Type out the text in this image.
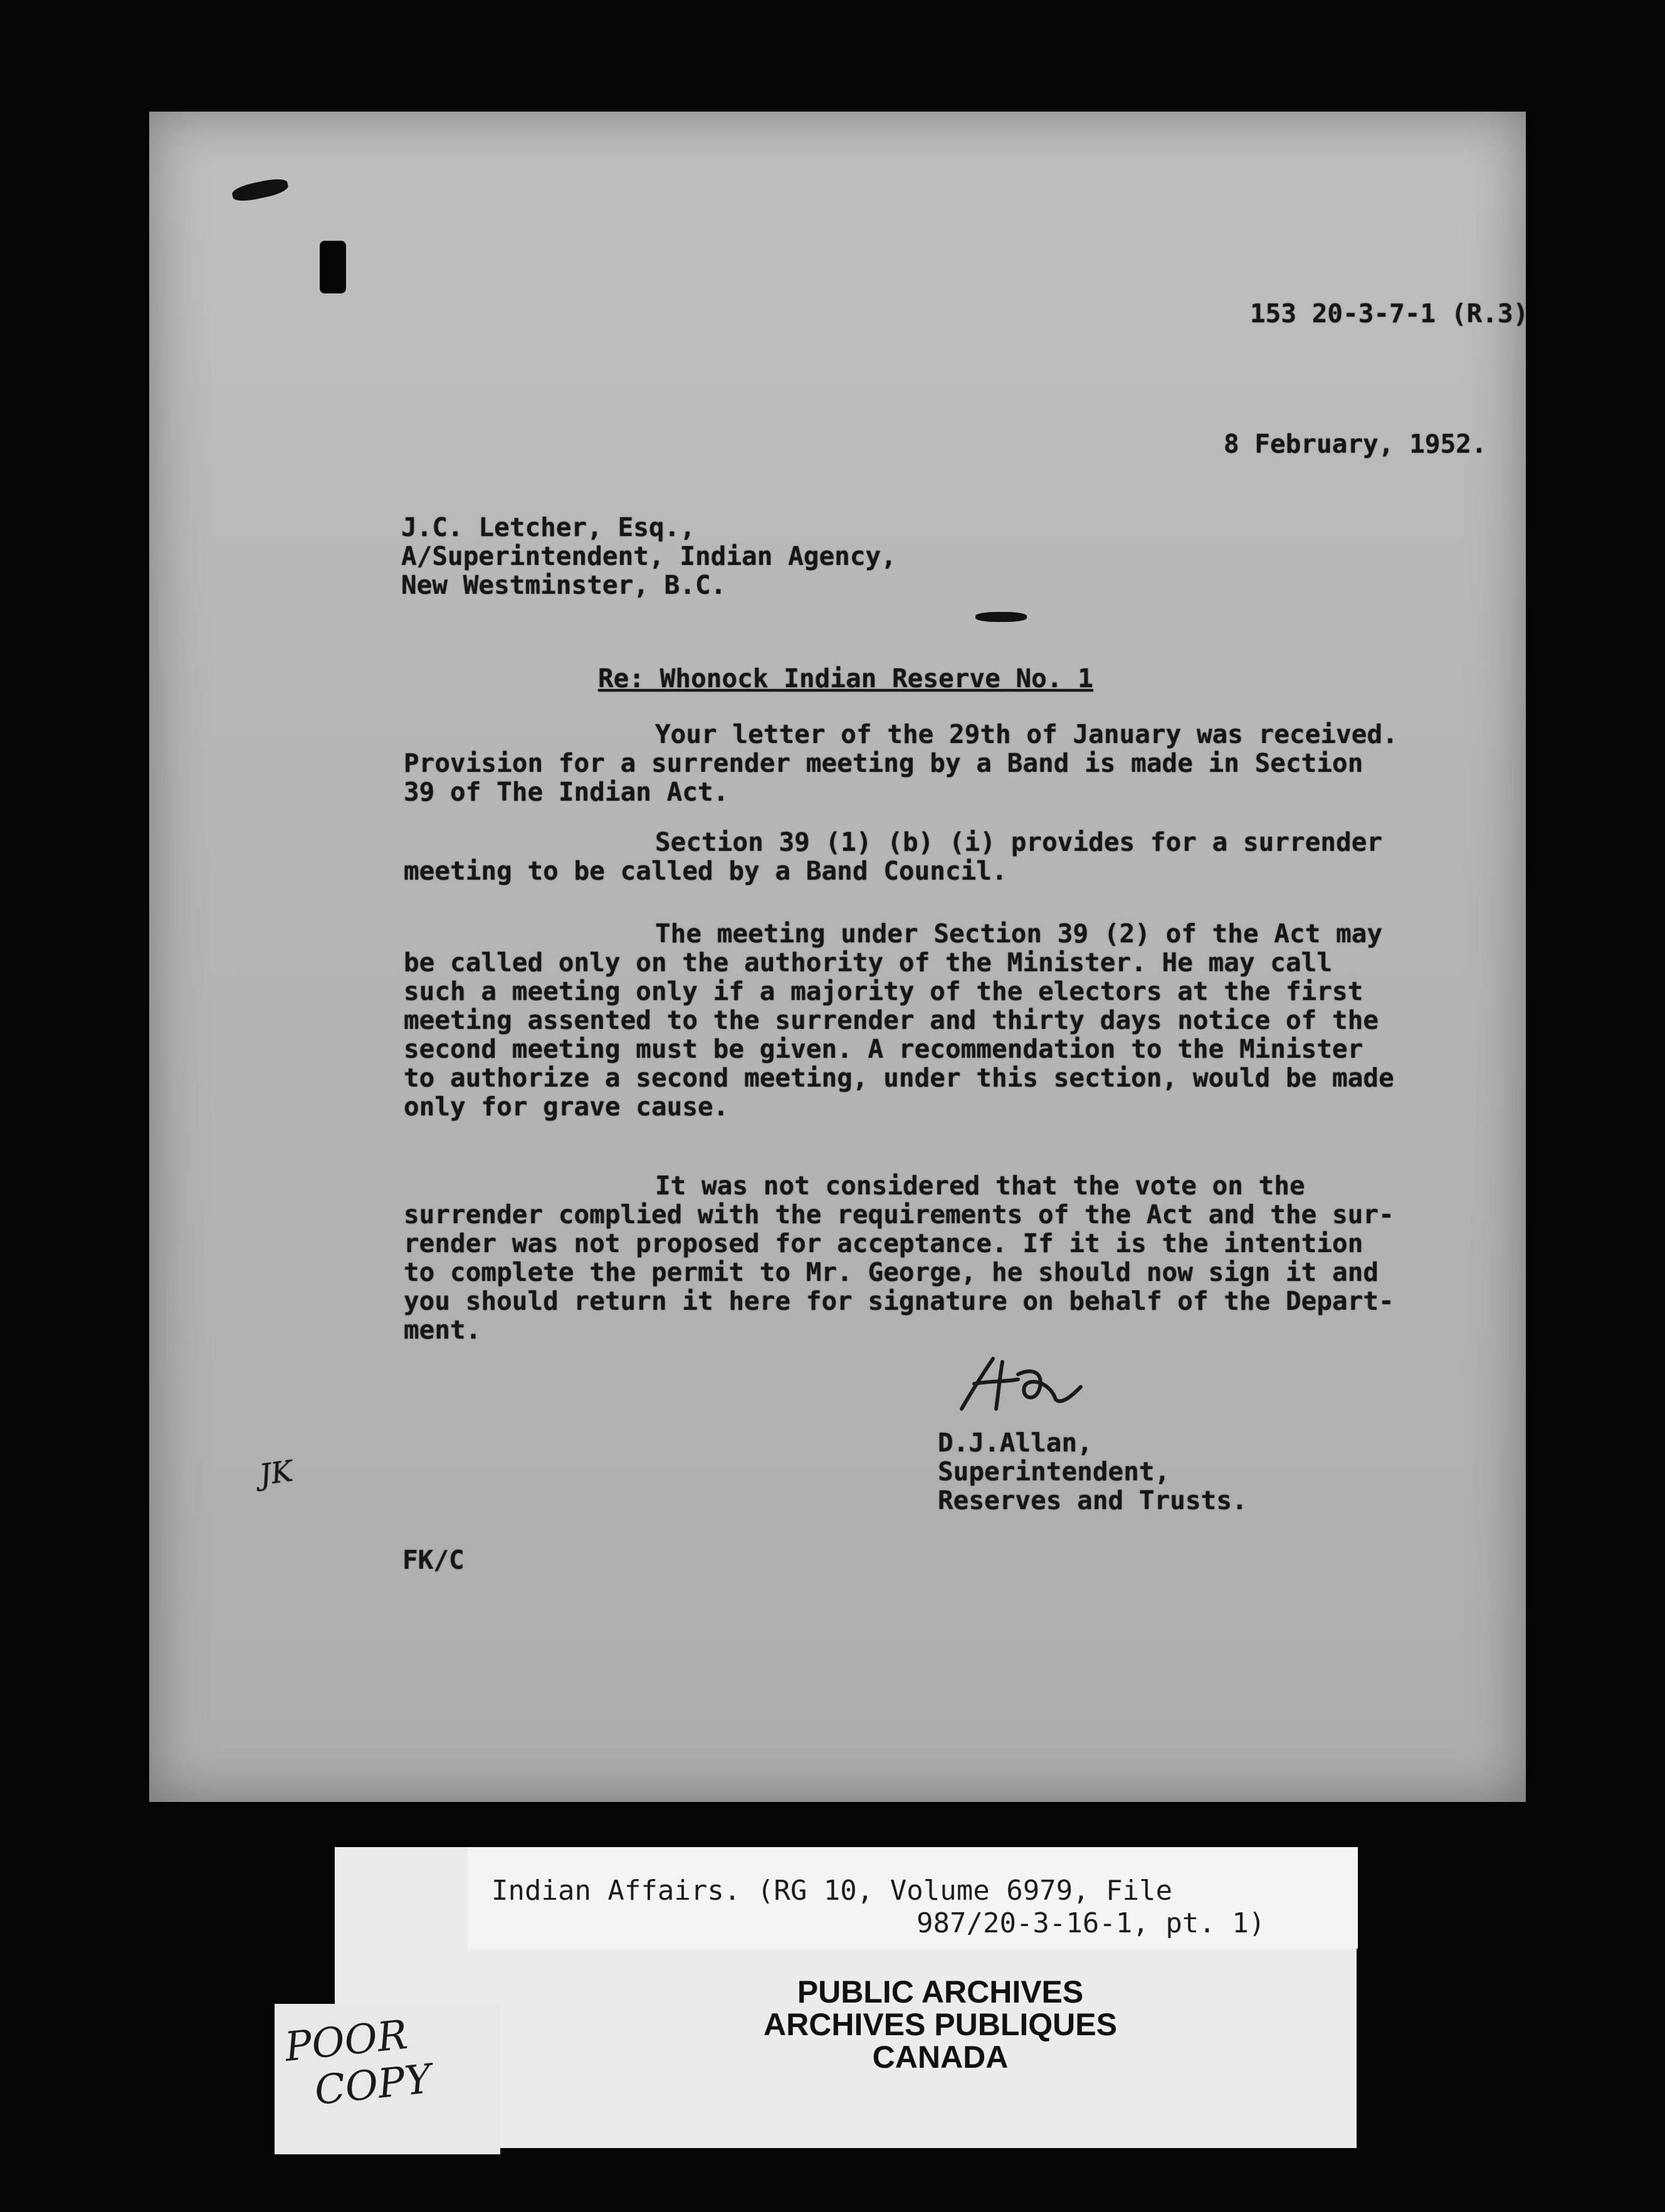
153 20-3-7-1 (R.3)
8 February, 1952.
J.C. Letcher, Esq.,
A/Superintendent, Indian Agency,
New Westminster, B.C.
Re: Whonock Indian Reserve No. 1
Your letter of the 29th of January was received.
Provision for a surrender meeting by a Band is made in Section
39 of The Indian Act.
Section 39 (1) (b) (i) provides for a surrender
meeting to be called by a Band Council.
The meeting under Section 39 (2) of the Act may
be called only on the authority of the Minister. He may call
such a meeting only if a majority of the electors at the first
meeting assented to the surrender and thirty days notice of the
second meeting must be given. A recommendation to the Minister
to authorize a second meeting, under this section, would be made
only for grave cause.
It was not considered that the vote on the
surrender complied with the requirements of the Act and the sur-
render was not proposed for acceptance. If it is the intention
to complete the permit to Mr. George, he should now sign it and
you should return it here for signature on behalf of the Depart-
ment.
D.J.Allan,
Superintendent,
Reserves and Trusts.
JK
FK/C
Indian Affairs. (RG 10, Volume 6979, File
987/20-3-16-1, pt. 1)
PUBLIC ARCHIVES
ARCHIVES PUBLIQUES
CANADA
POOR
COPY
